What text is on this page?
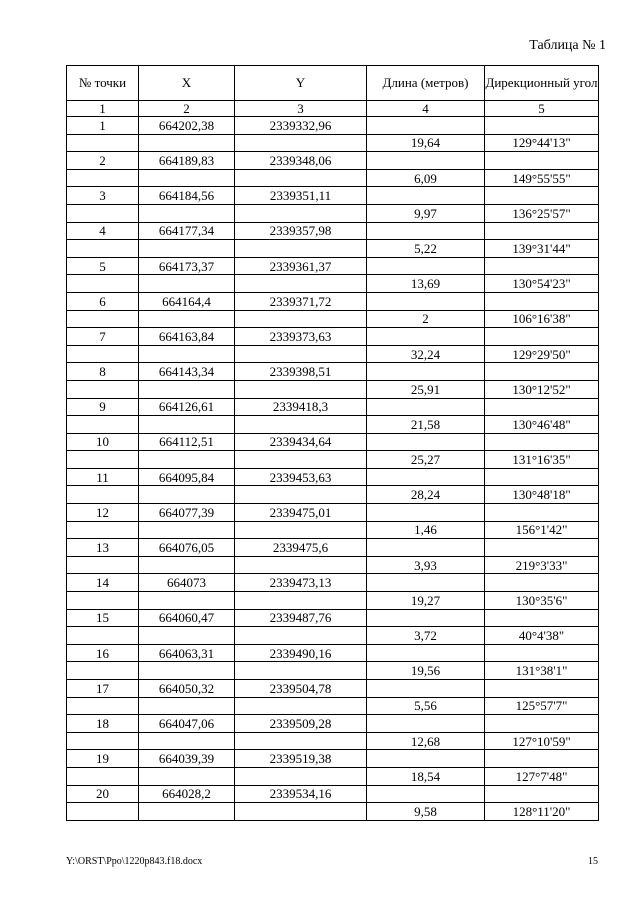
Таблица № 1
№ точки	X	Y	Длина (метров)	Дирекционный угол
1	2	3	4	5
1	664202,38	2339332,96		
			19,64	129°44'13"
2	664189,83	2339348,06		
			6,09	149°55'55"
3	664184,56	2339351,11		
			9,97	136°25'57"
4	664177,34	2339357,98		
			5,22	139°31'44"
5	664173,37	2339361,37		
			13,69	130°54'23"
6	664164,4	2339371,72		
			2	106°16'38"
7	664163,84	2339373,63		
			32,24	129°29'50"
8	664143,34	2339398,51		
			25,91	130°12'52"
9	664126,61	2339418,3		
			21,58	130°46'48"
10	664112,51	2339434,64		
			25,27	131°16'35"
11	664095,84	2339453,63		
			28,24	130°48'18"
12	664077,39	2339475,01		
			1,46	156°1'42"
13	664076,05	2339475,6		
			3,93	219°3'33"
14	664073	2339473,13		
			19,27	130°35'6"
15	664060,47	2339487,76		
			3,72	40°4'38"
16	664063,31	2339490,16		
			19,56	131°38'1"
17	664050,32	2339504,78		
			5,56	125°57'7"
18	664047,06	2339509,28		
			12,68	127°10'59"
19	664039,39	2339519,38		
			18,54	127°7'48"
20	664028,2	2339534,16		
			9,58	128°11'20"
Y:\ORST\Ppo\1220p843.f18.docx	15
